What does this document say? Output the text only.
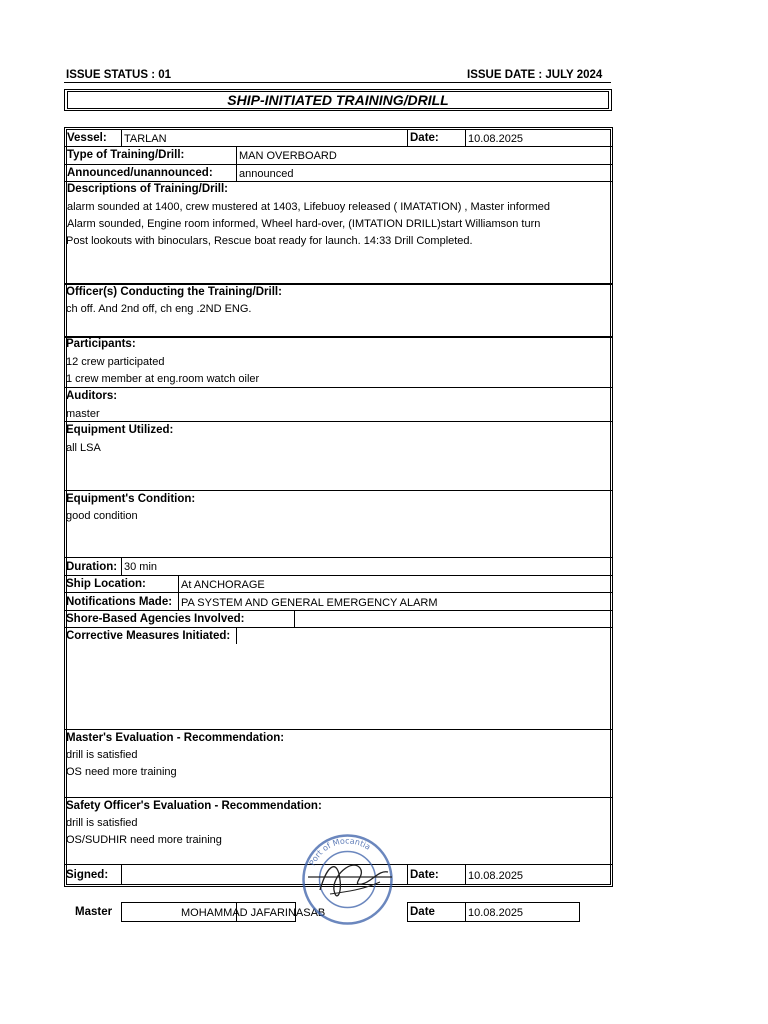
ISSUE STATUS : 01	ISSUE DATE : JULY 2024
SHIP-INITIATED TRAINING/DRILL
Vessel: TARLAN	Date:	10.08.2025
Type of Training/Drill:	MAN OVERBOARD
Announced/unannounced: announced
Descriptions of Training/Drill:
alarm sounded at 1400, crew mustered at 1403, Lifebuoy released ( IMATATION) , Master informed
Alarm sounded, Engine room informed, Wheel hard-over, (IMTATION DRILL)start Williamson turn
Post lookouts with binoculars, Rescue boat ready for launch. 14:33 Drill Completed.
Officer(s) Conducting the Training/Drill:
ch off. And 2nd off, ch eng .2ND ENG.
Participants:
12 crew participated
1 crew member at eng.room watch oiler
Auditors:
master
Equipment Utilized:
all LSA
Equipment's Condition:
good condition
Duration: 30 min
Ship Location:	At ANCHORAGE
Notifications Made: PA SYSTEM AND GENERAL EMERGENCY ALARM
Shore-Based Agencies Involved:
Corrective Measures Initiated:
Master's Evaluation - Recommendation:
drill is satisfied
OS need more training
Safety Officer's Evaluation - Recommendation:
drill is satisfied
OS/SUDHIR need more training
Signed:	Date:	10.08.2025
Master	MOHAMMAD JAFARINASAB	Date	10.08.2025
Port of Mocantia
